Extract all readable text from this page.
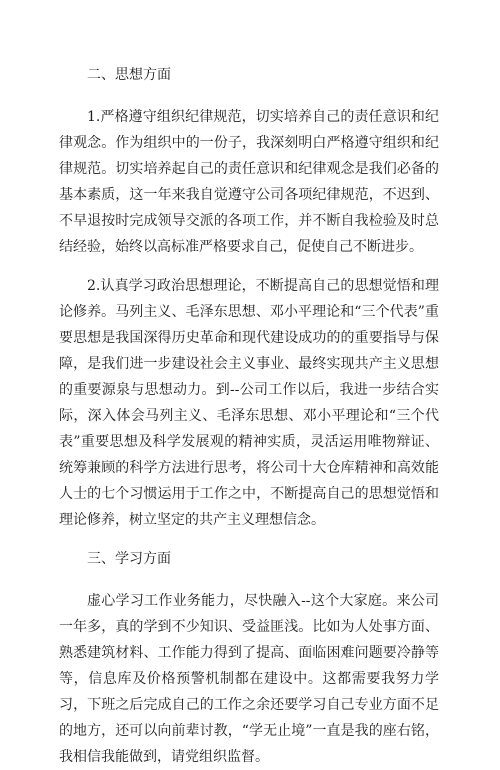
二、思想方面

1.严格遵守组织纪律规范，切实培养自己的责任意识和纪律观念。作为组织中的一份子，我深刻明白严格遵守组织和纪律规范。切实培养起自己的责任意识和纪律观念是我们必备的基本素质，这一年来我自觉遵守公司各项纪律规范，不迟到、不早退按时完成领导交派的各项工作，并不断自我检验及时总结经验，始终以高标准严格要求自己，促使自己不断进步。

2.认真学习政治思想理论，不断提高自己的思想觉悟和理论修养。马列主义、毛泽东思想、邓小平理论和“三个代表”重要思想是我国深得历史革命和现代建设成功的的重要指导与保障，是我们进一步建设社会主义事业、最终实现共产主义思想的重要源泉与思想动力。到--公司工作以后，我进一步结合实际，深入体会马列主义、毛泽东思想、邓小平理论和“三个代表”重要思想及科学发展观的精神实质，灵活运用唯物辩证、统筹兼顾的科学方法进行思考，将公司十大仓库精神和高效能人士的七个习惯运用于工作之中，不断提高自己的思想觉悟和理论修养，树立坚定的共产主义理想信念。

三、学习方面

虚心学习工作业务能力，尽快融入--这个大家庭。来公司一年多，真的学到不少知识、受益匪浅。比如为人处事方面、熟悉建筑材料、工作能力得到了提高、面临困难问题要冷静等等，信息库及价格预警机制都在建设中。这都需要我努力学习，下班之后完成自己的工作之余还要学习自己专业方面不足的地方，还可以向前辈讨教，“学无止境”一直是我的座右铭，我相信我能做到，请党组织监督。
